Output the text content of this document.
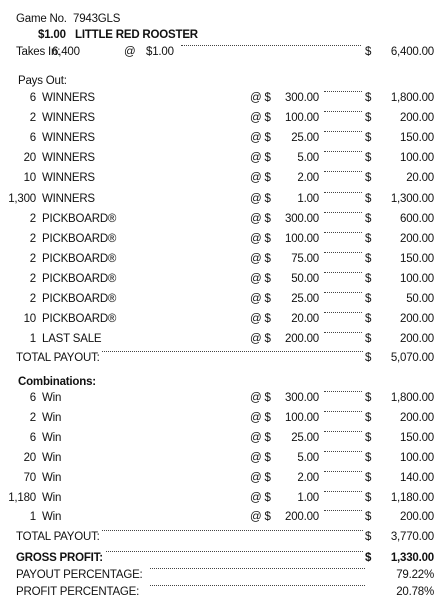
Game No. 7943GLS
$1.00 LITTLE RED ROOSTER
Takes In:
6,400	@ $1.00	$	6,400.00
Pays Out:
6 WINNERS	@ $	300.00	$	1,800.00
2 WINNERS	@ $	100.00	$	200.00
6 WINNERS	@ $	25.00	$	150.00
20 WINNERS	@ $	5.00	$	100.00
10 WINNERS	@ $	2.00	$	20.00
1,300 WINNERS	@ $	1.00	$	1,300.00
2 PICKBOARD®	@ $	300.00	$	600.00
2 PICKBOARD®	@ $	100.00	$	200.00
2 PICKBOARD®	@ $	75.00	$	150.00
2 PICKBOARD®	@ $	50.00	$	100.00
2 PICKBOARD®	@ $	25.00	$	50.00
10 PICKBOARD®	@ $	20.00	$	200.00
1 LAST SALE	@ $	200.00	$	200.00
TOTAL PAYOUT:	$	5,070.00
Combinations:
6 Win	@ $	300.00	$	1,800.00
2 Win	@ $	100.00	$	200.00
6 Win	@ $	25.00	$	150.00
20 Win	@ $	5.00	$	100.00
70 Win	@ $	2.00	$	140.00
1,180 Win	@ $	1.00	$	1,180.00
1 Win	@ $	200.00	$	200.00
TOTAL PAYOUT:	$	3,770.00
GROSS PROFIT:	$	1,330.00
PAYOUT PERCENTAGE:	79.22%
PROFIT PERCENTAGE:	20.78%
